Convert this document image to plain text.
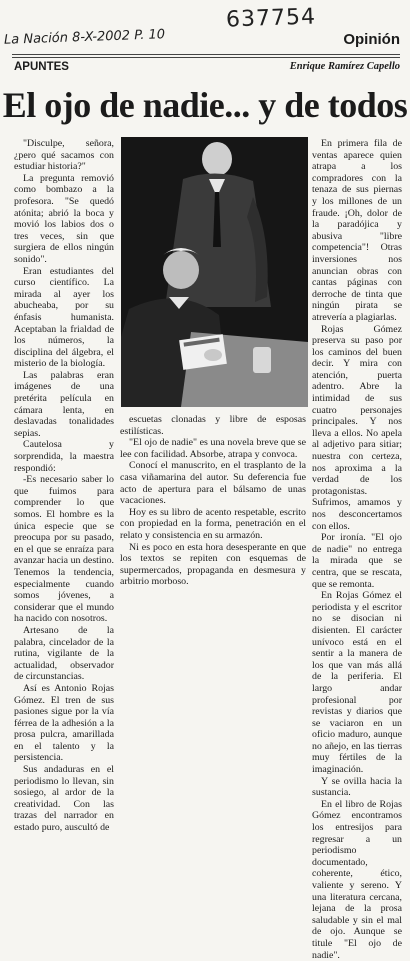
637754
La Nación 8-X-2002 P. 10	Opinión
APUNTES	Enrique Ramírez Capello
El ojo de nadie... y de todos

"Disculpe, señora, ¿pero qué sacamos con estudiar historia?"

La pregunta removió como bombazo a la profesora. "Se quedó atónita; abrió la boca y movió los labios dos o tres veces, sin que surgiera de ellos ningún sonido".

Eran estudiantes del curso científico. La mirada al ayer los abucheaba, por su énfasis humanista. Aceptaban la frialdad de los números, la disciplina del álgebra, el misterio de la biología.

Las palabras eran imágenes de una pretérita película en cámara lenta, en deslavadas tonalidades sepias.

Cautelosa y sorprendida, la maestra respondió:

-Es necesario saber lo que fuimos para comprender lo que somos. El hombre es la única especie que se preocupa por su pasado, en el que se enraíza para avanzar hacia un destino. Tenemos la tendencia, especialmente cuando somos jóvenes, a considerar que el mundo ha nacido con nosotros.

Artesano de la palabra, cincelador de la rutina, vigilante de la actualidad, observador de circunstancias.

Así es Antonio Rojas Gómez. El tren de sus pasiones sigue por la vía férrea de la adhesión a la prosa pulcra, amarillada en el talento y la persistencia.

Sus andaduras en el periodismo lo llevan, sin sosiego, al ardor de la creatividad. Con las trazas del narrador en estado puro, auscultó de

escuetas clonadas y libre de esposas estilísticas.

"El ojo de nadie" es una novela breve que se lee con facilidad. Absorbe, atrapa y convoca.

Conocí el manuscrito, en el trasplanto de la casa viñamarina del autor. Su deferencia fue acto de apertura para el bálsamo de unas vacaciones.

Hoy es su libro de acento respetable, escrito con propiedad en la forma, penetración en el relato y consistencia en su armazón.

Ni es poco en esta hora desesperante en que los textos se repiten con esquemas de supermercados, propaganda en desmesura y arbitrio morboso.

En primera fila de ventas aparece quien atrapa a los compradores con la tenaza de sus piernas y los millones de un fraude. ¡Oh, dolor de la paradójica y abusiva "libre competencia"! Otras inversiones nos anuncian obras con cantas páginas con derroche de tinta que ningún pirata se atrevería a plagiarlas.

Rojas Gómez preserva su paso por los caminos del buen decir. Y mira con atención, puerta adentro. Abre la intimidad de sus cuatro personajes principales. Y nos lleva a ellos. No apela al adjetivo para sitiar; nuestra con certeza, nos aproxima a la verdad de los protagonistas. Sufrimos, amamos y nos desconcertamos con ellos.

Por ironía. "El ojo de nadie" no entrega la mirada que se centra, que se rescata, que se remonta.

En Rojas Gómez el periodista y el escritor no se disocian ni disienten. El carácter unívoco está en el sentir a la manera de los que van más allá de la periferia. El largo andar profesional por revistas y diarios que se vaciaron en un oficio maduro, aunque no añejo, en las tierras muy fértiles de la imaginación.

Y se ovilla hacia la sustancia.

En el libro de Rojas Gómez encontramos los entresijos para regresar a un periodismo documentado, coherente, ético, valiente y sereno. Y una literatura cercana, lejana de la prosa saludable y sin el mal de ojo. Aunque se titule "El ojo de nadie".
